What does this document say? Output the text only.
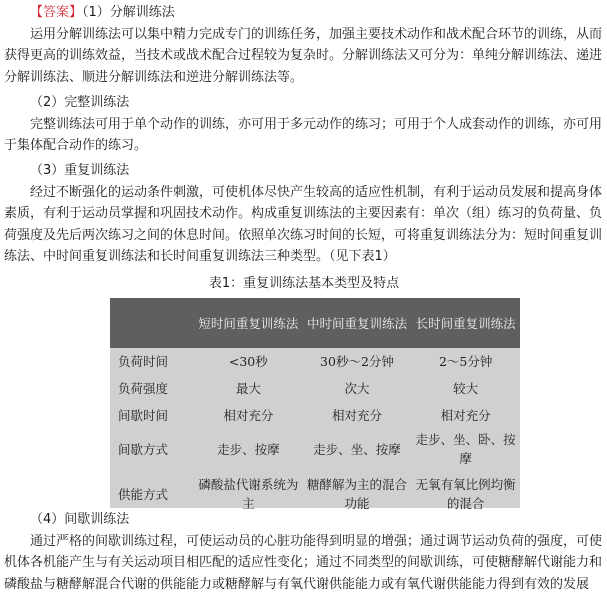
【答案】（1）分解训练法

运用分解训练法可以集中精力完成专门的训练任务，加强主要技术动作和战术配合环节的训练，从而获得更高的训练效益，当技术或战术配合过程较为复杂时。分解训练法又可分为：单纯分解训练法、递进分解训练法、顺进分解训练法和逆进分解训练法等。

（2）完整训练法

完整训练法可用于单个动作的训练，亦可用于多元动作的练习；可用于个人成套动作的训练，亦可用于集体配合动作的练习。

（3）重复训练法

经过不断强化的运动条件刺激，可使机体尽快产生较高的适应性机制，有利于运动员发展和提高身体素质，有利于运动员掌握和巩固技术动作。构成重复训练法的主要因素有：单次（组）练习的负荷量、负荷强度及先后两次练习之间的休息时间。依照单次练习时间的长短，可将重复训练法分为：短时间重复训练法、中时间重复训练法和长时间重复训练法三种类型。（见下表1）

表1：重复训练法基本类型及特点
	短时间重复训练法	中时间重复训练法	长时间重复训练法
负荷时间	<30秒	30秒～2分钟	2～5分钟
负荷强度	最大	次大	较大
间歇时间	相对充分	相对充分	相对充分
间歇方式	走步、按摩	走步、坐、按摩	走步、坐、卧、按摩
供能方式	磷酸盐代谢系统为主	糖酵解为主的混合功能	无氧有氧比例均衡的混合

（4）间歇训练法

通过严格的间歇训练过程，可使运动员的心脏功能得到明显的增强；通过调节运动负荷的强度，可使机体各机能产生与有关运动项目相匹配的适应性变化；通过不同类型的间歇训练，可使糖酵解代谢能力和磷酸盐与糖酵解混合代谢的供能能力或糖酵解与有氧代谢供能能力或有氧代谢供能能力得到有效的发展
